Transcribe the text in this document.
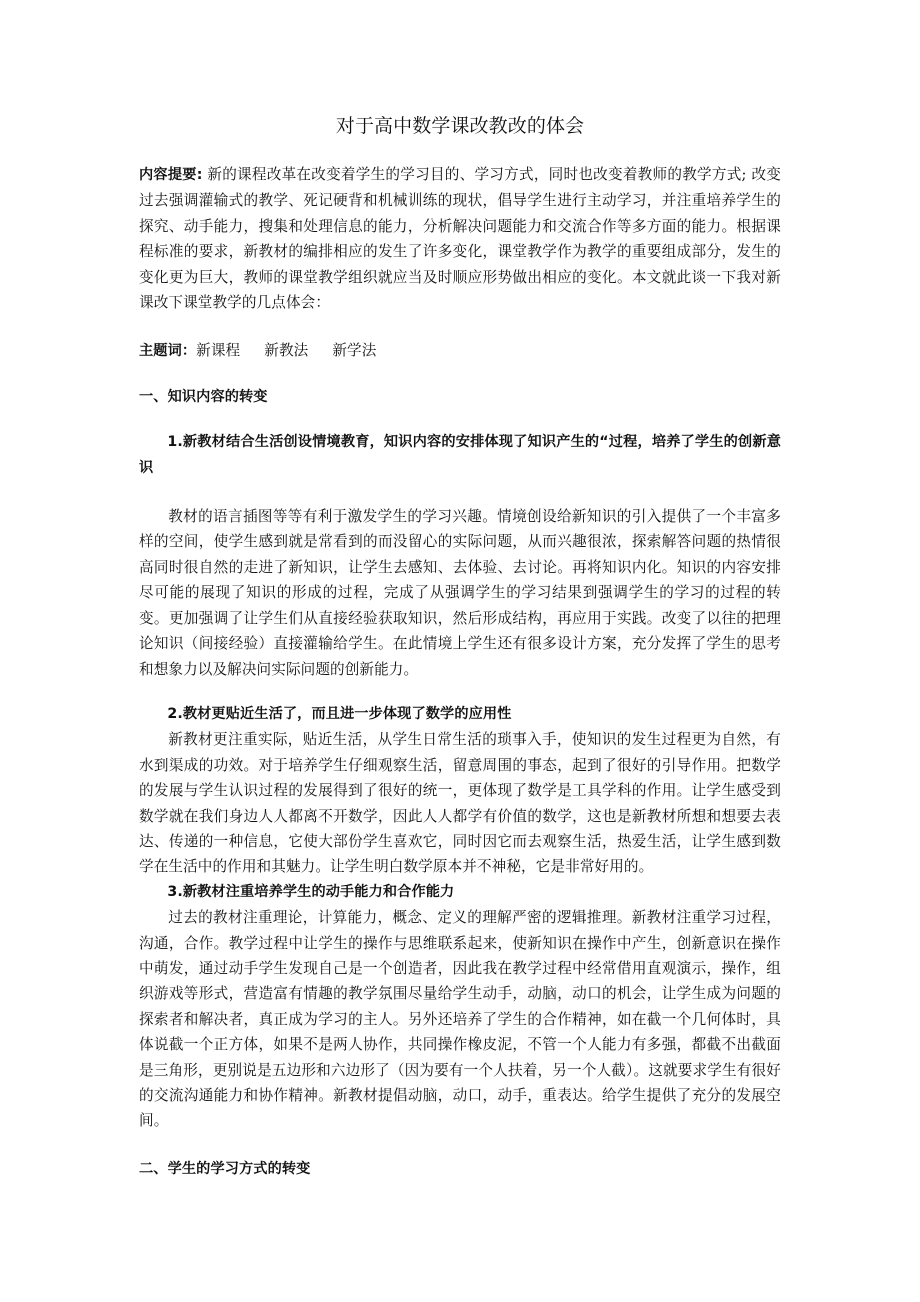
对于高中数学课改教改的体会

内容提要: 新的课程改革在改变着学生的学习目的、学习方式，同时也改变着教师的教学方式; 改变过去强调灌输式的教学、死记硬背和机械训练的现状，倡导学生进行主动学习，并注重培养学生的探究、动手能力，搜集和处理信息的能力，分析解决问题能力和交流合作等多方面的能力。根据课程标准的要求，新教材的编排相应的发生了许多变化，课堂教学作为教学的重要组成部分，发生的变化更为巨大，教师的课堂教学组织就应当及时顺应形势做出相应的变化。本文就此谈一下我对新课改下课堂教学的几点体会：

主题词：新课程 新教法 新学法

一、知识内容的转变

1.新教材结合生活创设情境教育，知识内容的安排体现了知识产生的“过程，培养了学生的创新意识

教材的语言插图等等有利于激发学生的学习兴趣。情境创设给新知识的引入提供了一个丰富多样的空间，使学生感到就是常看到的而没留心的实际问题，从而兴趣很浓，探索解答问题的热情很高同时很自然的走进了新知识，让学生去感知、去体验、去讨论。再将知识内化。知识的内容安排尽可能的展现了知识的形成的过程，完成了从强调学生的学习结果到强调学生的学习的过程的转变。更加强调了让学生们从直接经验获取知识，然后形成结构，再应用于实践。改变了以往的把理论知识（间接经验）直接灌输给学生。在此情境上学生还有很多设计方案，充分发挥了学生的思考和想象力以及解决问实际问题的创新能力。

2.教材更贴近生活了，而且进一步体现了数学的应用性

新教材更注重实际，贴近生活，从学生日常生活的琐事入手，使知识的发生过程更为自然，有水到渠成的功效。对于培养学生仔细观察生活，留意周围的事态，起到了很好的引导作用。把数学的发展与学生认识过程的发展得到了很好的统一，更体现了数学是工具学科的作用。让学生感受到数学就在我们身边人人都离不开数学，因此人人都学有价值的数学，这也是新教材所想和想要去表达、传递的一种信息，它使大部份学生喜欢它，同时因它而去观察生活，热爱生活，让学生感到数学在生活中的作用和其魅力。让学生明白数学原本并不神秘，它是非常好用的。

3.新教材注重培养学生的动手能力和合作能力

过去的教材注重理论，计算能力，概念、定义的理解严密的逻辑推理。新教材注重学习过程，沟通，合作。教学过程中让学生的操作与思维联系起来，使新知识在操作中产生，创新意识在操作中萌发，通过动手学生发现自己是一个创造者，因此我在教学过程中经常借用直观演示，操作，组织游戏等形式，营造富有情趣的教学氛围尽量给学生动手，动脑，动口的机会，让学生成为问题的探索者和解决者，真正成为学习的主人。另外还培养了学生的合作精神，如在截一个几何体时，具体说截一个正方体，如果不是两人协作，共同操作橡皮泥，不管一个人能力有多强，都截不出截面是三角形，更别说是五边形和六边形了（因为要有一个人扶着，另一个人截）。这就要求学生有很好的交流沟通能力和协作精神。新教材提倡动脑，动口，动手，重表达。给学生提供了充分的发展空间。

二、学生的学习方式的转变
